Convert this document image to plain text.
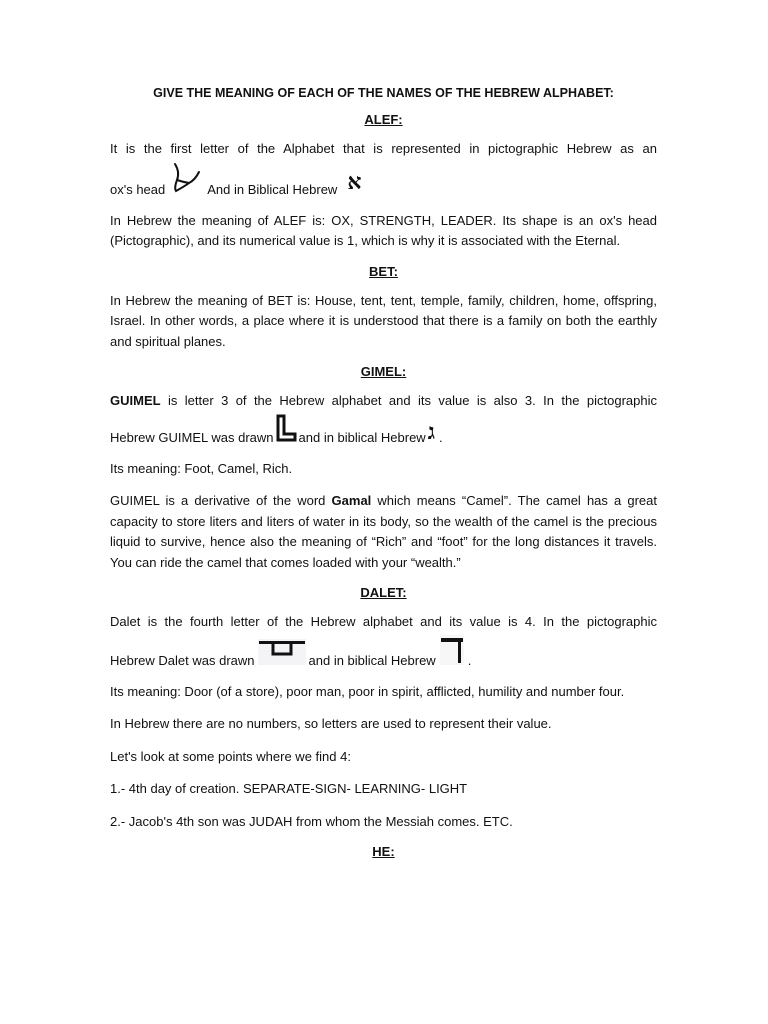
GIVE THE MEANING OF EACH OF THE NAMES OF THE HEBREW ALPHABET:

ALEF:

It is the first letter of the Alphabet that is represented in pictographic Hebrew as an

ox's head	And in Biblical Hebrew א

In Hebrew the meaning of ALEF is: OX, STRENGTH, LEADER. Its shape is an ox's head (Pictographic), and its numerical value is 1, which is why it is associated with the Eternal.

BET:

In Hebrew the meaning of BET is: House, tent, tent, temple, family, children, home, offspring, Israel. In other words, a place where it is understood that there is a family on both the earthly and spiritual planes.

GIMEL:

GUIMEL is letter 3 of the Hebrew alphabet and its value is also 3. In the pictographic

Hebrew GUIMEL was drawn and in biblical Hebrew ג .

Its meaning: Foot, Camel, Rich.

GUIMEL is a derivative of the word Gamal which means “Camel”. The camel has a great capacity to store liters and liters of water in its body, so the wealth of the camel is the precious liquid to survive, hence also the meaning of “Rich” and “foot” for the long distances it travels. You can ride the camel that comes loaded with your “wealth.”

DALET:

Dalet is the fourth letter of the Hebrew alphabet and its value is 4. In the pictographic

Hebrew Dalet was drawn	and in biblical Hebrew .

Its meaning: Door (of a store), poor man, poor in spirit, afflicted, humility and number four.

In Hebrew there are no numbers, so letters are used to represent their value.

Let's look at some points where we find 4:

1.- 4th day of creation. SEPARATE-SIGN- LEARNING- LIGHT

2.- Jacob's 4th son was JUDAH from whom the Messiah comes. ETC.

HE:
